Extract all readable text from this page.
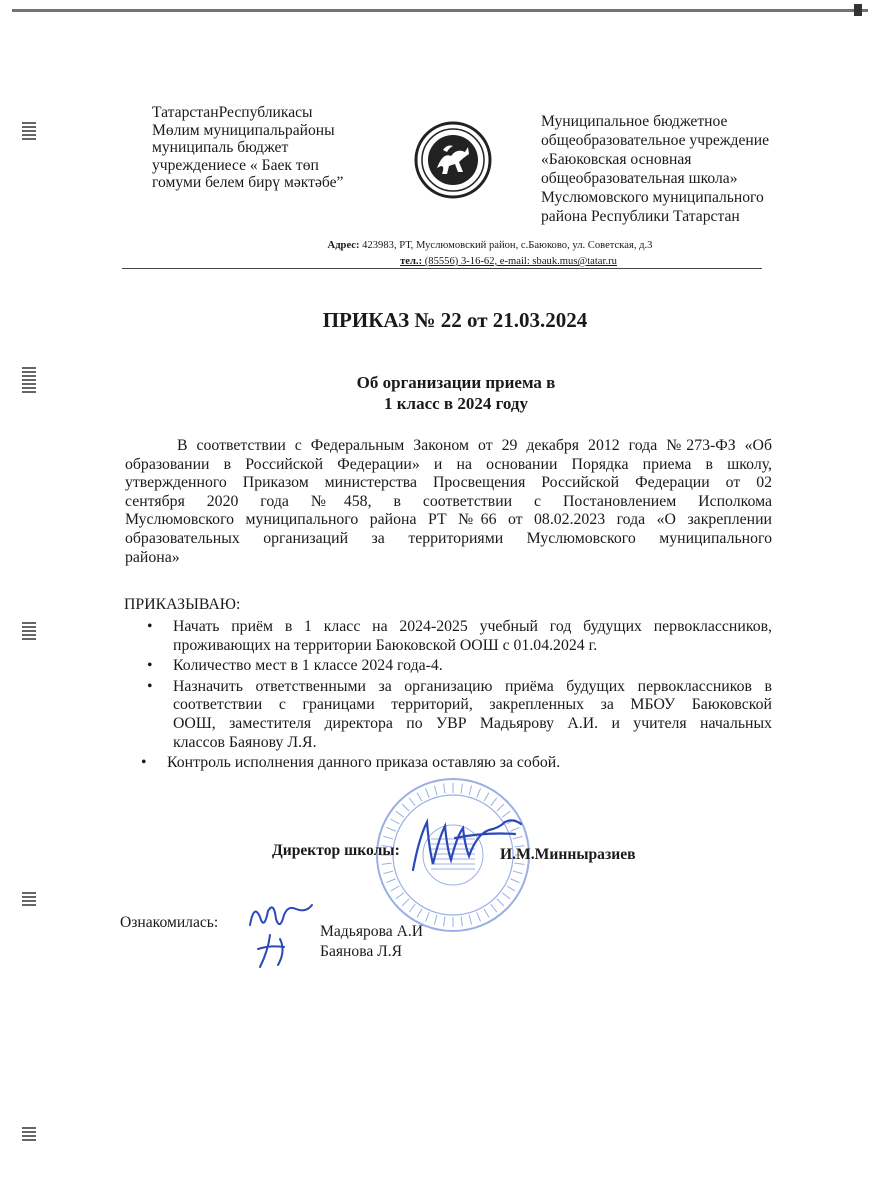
ТатарстанРеспубликасы
Мөлим муниципальрайоны
муниципаль бюджет
учреждениесе « Баек төп
гомуми белем бирү мәктәбе”
Муниципальное бюджетное
общеобразовательное учреждение
«Баюковская основная
общеобразовательная школа»
Муслюмовского муниципального
района Республики Татарстан
Адрес: 423983, РТ, Муслюмовский район, с.Баюково, ул. Советская, д.3
тел.: (85556) 3-16-62, e-mail: sbauk.mus@tatar.ru
ПРИКАЗ № 22 от 21.03.2024
Об организации приема в
1 класс в 2024 году
В соответствии с Федеральным Законом от 29 декабря 2012 года №273-ФЗ «Об
образовании в Российской Федерации» и на основании Порядка приема в школу,
утвержденного Приказом министерства Просвещения Российской Федерации от 02
сентября 2020 года №458, в соответствии с Постановлением Исполкома
Муслюмовского муниципального района РТ №66 от 08.02.2023 года «О закреплении
образовательных организаций за территориями Муслюмовского муниципального
района»
ПРИКАЗЫВАЮ:
• Начать приём в 1 класс на 2024-2025 учебный год будущих первоклассников,
проживающих на территории Баюковской ООШ с 01.04.2024 г.
• Количество мест в 1 классе 2024 года-4.
• Назначить ответственными за организацию приёма будущих первоклассников в
соответствии с границами территорий, закрепленных за МБОУ Баюковской
ООШ, заместителя директора по УВР Мадьярову А.И. и учителя начальных
классов Баянову Л.Я.
• Контроль исполнения данного приказа оставляю за собой.
Директор школы:	И.М.Минныразиев
Ознакомилась:
Мадьярова А.И
Баянова Л.Я
